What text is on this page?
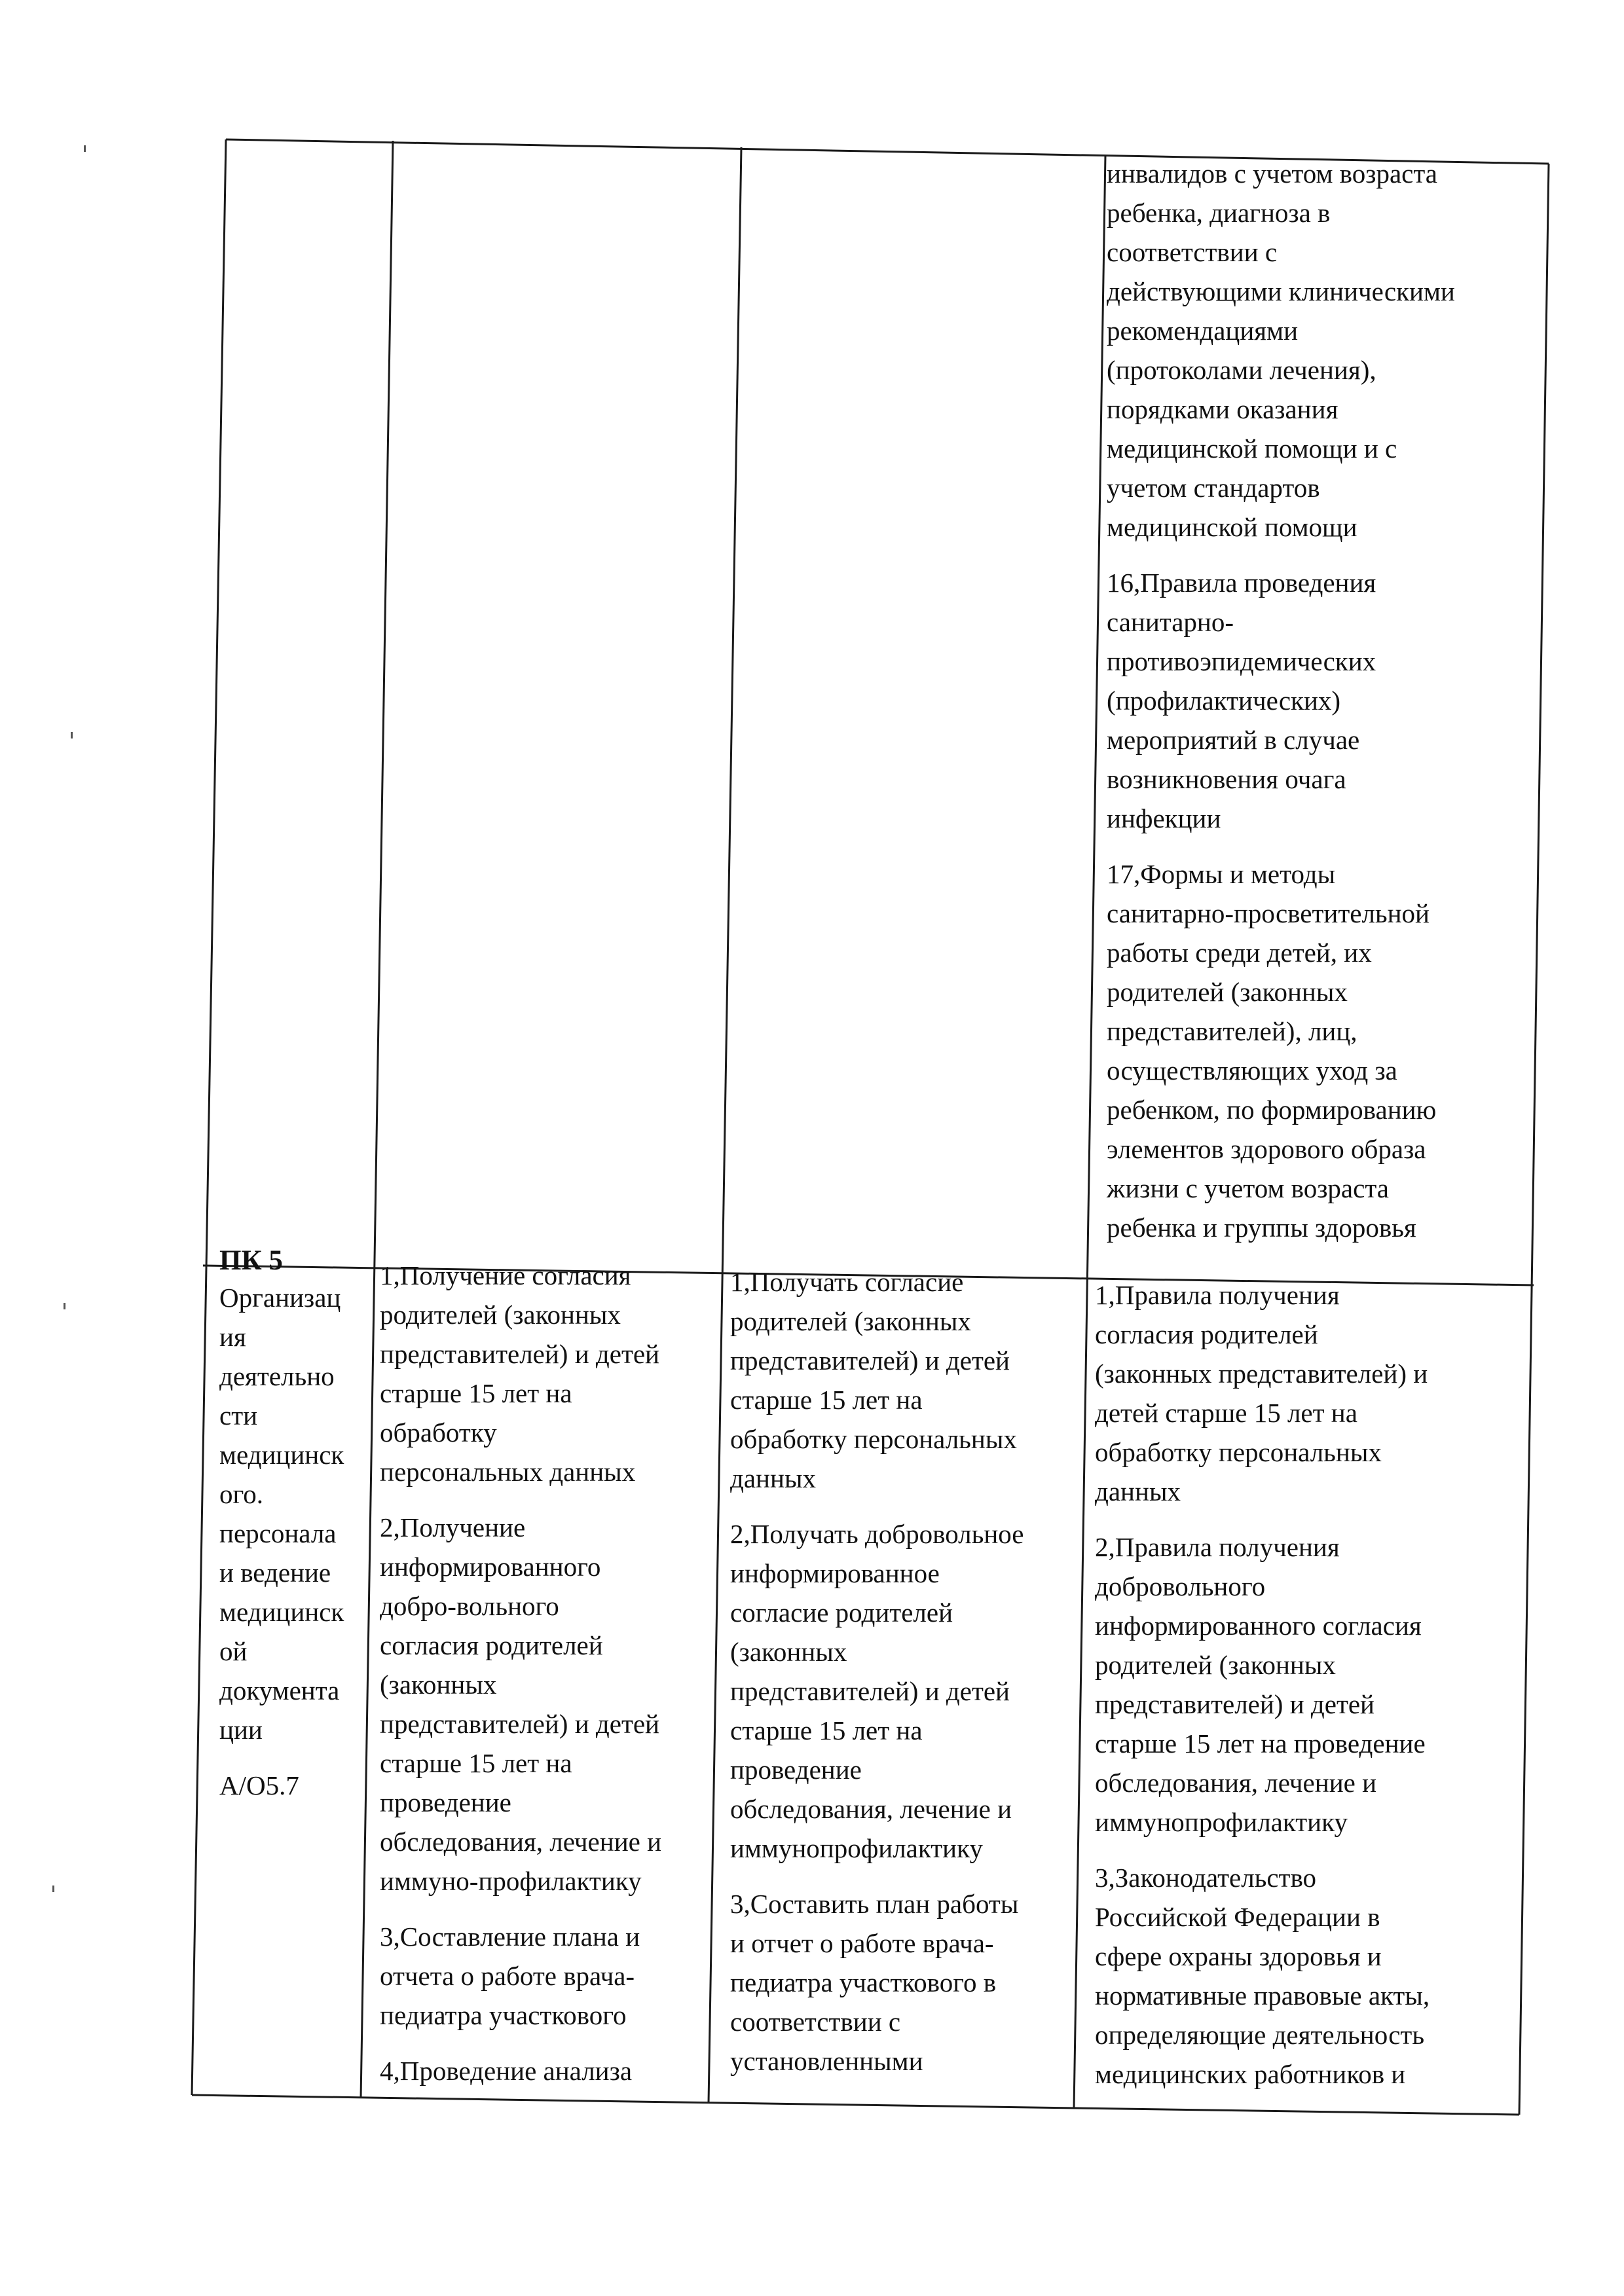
инвалидов с учетом возраста
ребенка, диагноза в
соответствии с
действующими клиническими
рекомендациями
(протоколами лечения),
порядками оказания
медицинской помощи и с
учетом стандартов
медицинской помощи

16,Правила проведения
санитарно-
противоэпидемических
(профилактических)
мероприятий в случае
возникновения очага
инфекции

17,Формы и методы
санитарно-просветительной
работы среди детей, их
родителей (законных
представителей), лиц,
осуществляющих уход за
ребенком, по формированию
элементов здорового образа
жизни с учетом возраста
ребенка и группы здоровья

ПК 5

Организац
ия
деятельно
сти
медицинск
ого.
персонала
и ведение
медицинск
ой
документа
ции

А/О5.7

1,Получение согласия
родителей (законных
представителей) и детей
старше 15 лет на
обработку
персональных данных

2,Получение
информированного
добро-вольного
согласия родителей
(законных
представителей) и детей
старше 15 лет на
проведение
обследования, лечение и
иммуно-профилактику

3,Составление плана и
отчета о работе врача-
педиатра участкового

4,Проведение анализа

1,Получать согласие
родителей (законных
представителей) и детей
старше 15 лет на
обработку персональных
данных

2,Получать добровольное
информированное
согласие родителей
(законных
представителей) и детей
старше 15 лет на
проведение
обследования, лечение и
иммунопрофилактику

3,Составить план работы
и отчет о работе врача-
педиатра участкового в
соответствии с
установленными

1,Правила получения
согласия родителей
(законных представителей) и
детей старше 15 лет на
обработку персональных
данных

2,Правила получения
добровольного
информированного согласия
родителей (законных
представителей) и детей
старше 15 лет на проведение
обследования, лечение и
иммунопрофилактику

3,Законодательство
Российской Федерации в
сфере охраны здоровья и
нормативные правовые акты,
определяющие деятельность
медицинских работников и
